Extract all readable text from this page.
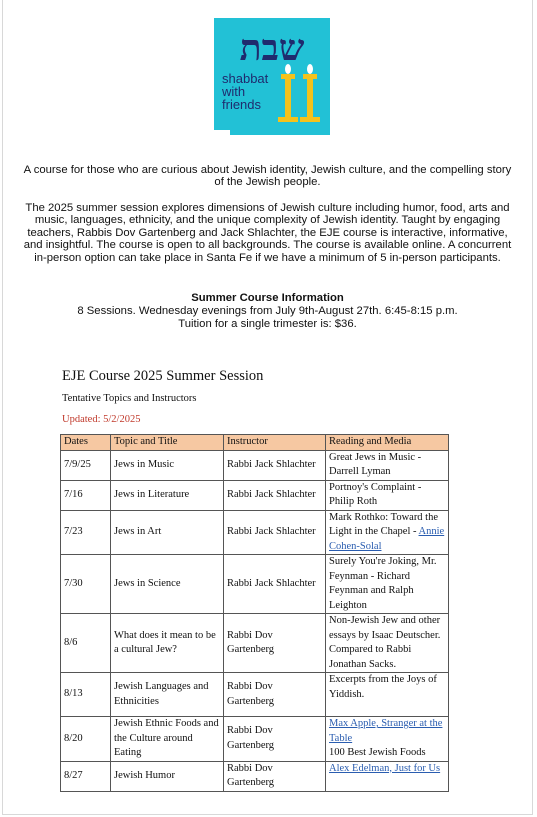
שבת
shabbat
with
friends
A course for those who are curious about Jewish identity, Jewish culture, and the compelling story of the Jewish people.
The 2025 summer session explores dimensions of Jewish culture including humor, food, arts and music, languages, ethnicity, and the unique complexity of Jewish identity. Taught by engaging teachers, Rabbis Dov Gartenberg and Jack Shlachter, the EJE course is interactive, informative, and insightful. The course is open to all backgrounds. The course is available online. A concurrent in-person option can take place in Santa Fe if we have a minimum of 5 in-person participants.
Summer Course Information
8 Sessions. Wednesday evenings from July 9th-August 27th. 6:45-8:15 p.m.
Tuition for a single trimester is: $36.
EJE Course 2025 Summer Session
Tentative Topics and Instructors
Updated: 5/2/2025
Dates	Topic and Title	Instructor	Reading and Media
7/9/25	Jews in Music	Rabbi Jack Shlachter	Great Jews in Music - Darrell Lyman
7/16	Jews in Literature	Rabbi Jack Shlachter	Portnoy's Complaint - Philip Roth
7/23	Jews in Art	Rabbi Jack Shlachter	Mark Rothko: Toward the Light in the Chapel - Annie Cohen-Solal
7/30	Jews in Science	Rabbi Jack Shlachter	Surely You're Joking, Mr. Feynman - Richard Feynman and Ralph Leighton
8/6	What does it mean to be a cultural Jew?	Rabbi Dov Gartenberg	Non-Jewish Jew and other essays by Isaac Deutscher. Compared to Rabbi Jonathan Sacks.
8/13	Jewish Languages and Ethnicities	Rabbi Dov Gartenberg	Excerpts from the Joys of Yiddish.
8/20	Jewish Ethnic Foods and the Culture around Eating	Rabbi Dov Gartenberg	Max Apple, Stranger at the Table
100 Best Jewish Foods
8/27	Jewish Humor	Rabbi Dov Gartenberg	Alex Edelman, Just for Us
